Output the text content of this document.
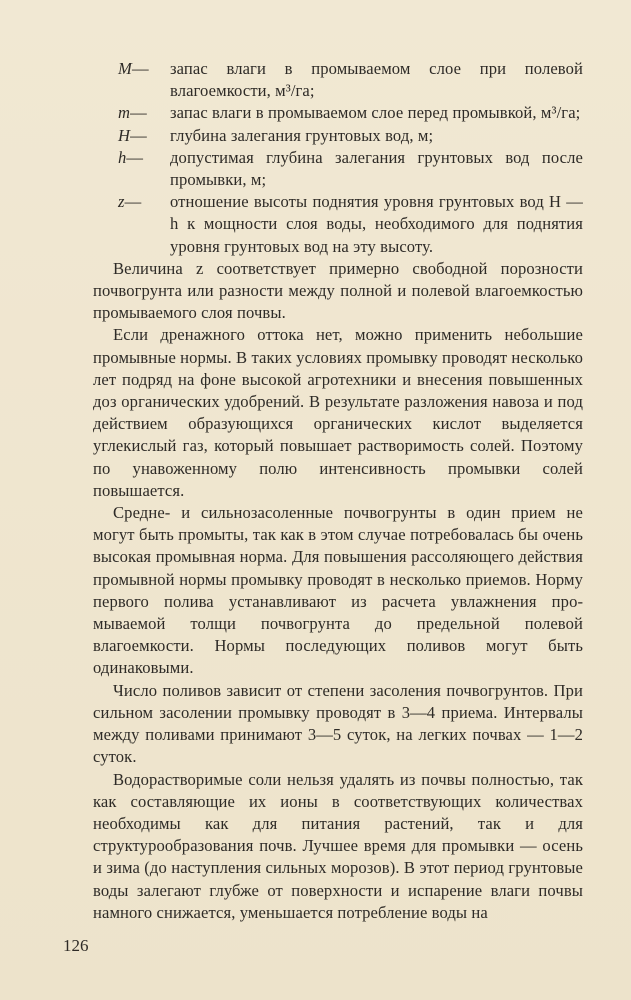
M—	запас влаги в промываемом слое при полевой влагоемкости, м³/га;
m—	запас влаги в промываемом слое перед промывкой, м³/га;
H—	глубина залегания грунтовых вод, м;
h—	допустимая глубина залегания грунтовых вод после промывки, м;
z—	отношение высоты поднятия уровня грунтовых вод H — h к мощности слоя воды, необходимого для поднятия уровня грунтовых вод на эту высоту.

Величина z соответствует примерно свободной порозности почвогрунта или разности между полной и полевой влагоемкостью промываемого слоя почвы.

Если дренажного оттока нет, можно применить небольшие промывные нормы. В таких условиях промывку проводят несколько лет подряд на фоне высокой агротехники и внесения повышенных доз органических удобрений. В результате разложения навоза и под действием образующихся органических кислот выделяется углекислый газ, который повышает растворимость солей. Поэтому по унавоженному полю интенсивность промывки солей повышается.

Средне- и сильнозасоленные почвогрунты в один прием не могут быть промыты, так как в этом случае потребовалась бы очень высокая промывная норма. Для повышения рассоляющего действия промывной нормы промывку проводят в несколько приемов. Норму первого полива устанавливают из расчета увлажнения промываемой толщи почвогрунта до предельной полевой влагоемкости. Нормы последующих поливов могут быть одинаковыми.

Число поливов зависит от степени засоления почвогрунтов. При сильном засолении промывку проводят в 3—4 приема. Интервалы между поливами принимают 3—5 суток, на легких почвах — 1—2 суток.

Водорастворимые соли нельзя удалять из почвы полностью, так как составляющие их ионы в соответствующих количествах необходимы как для питания растений, так и для структурообразования почв. Лучшее время для промывки — осень и зима (до наступления сильных морозов). В этот период грунтовые воды залегают глубже от поверхности и испарение влаги почвы намного снижается, уменьшается потребление воды на

126
